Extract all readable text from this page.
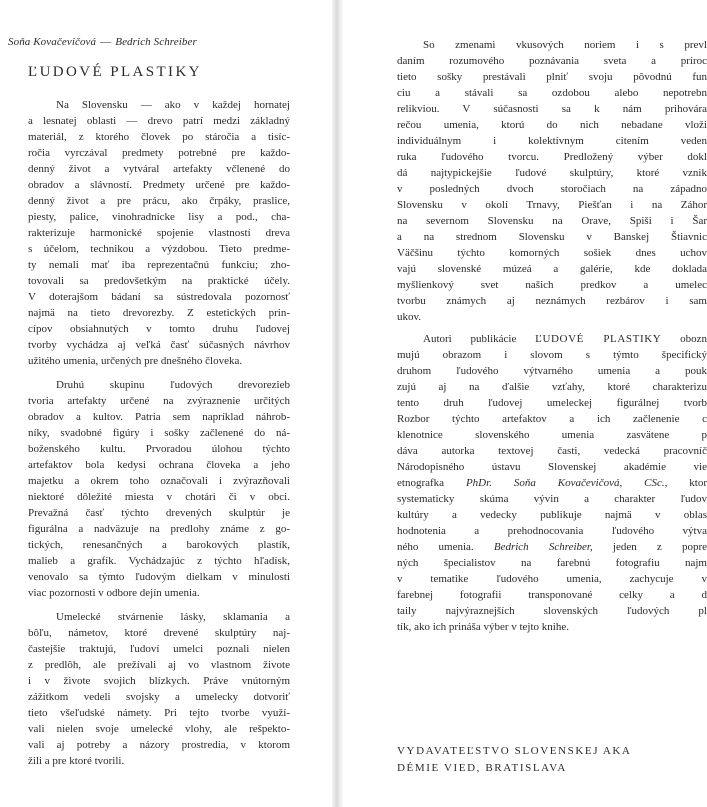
Soňa Kovačevičová — Bedrich Schreiber
ĽUDOVÉ PLASTIKY
Na Slovensku — ako v každej hornatej
a lesnatej oblasti — drevo patrí medzi základný
materiál, z ktorého človek po stáročia a tisíc-
ročia vyrczával predmety potrebné pre každo-
denný život a vytváral artefakty včlenené do
obradov a slávností. Predmety určené pre každo-
denný život a pre prácu, ako črpáky, praslice,
piesty, palice, vinohradnícke lisy a pod., cha-
rakterizuje harmonické spojenie vlastností dreva
s účelom, technikou a výzdobou. Tieto predme-
ty nemali mať iba reprezentačnú funkciu; zho-
tovovali sa predovšetkým na praktické účely.
V doterajšom bádaní sa sústredovala pozornosť
najmä na tieto drevorezby. Z estetických prin-
cípov obsiahnutých v tomto druhu ľudovej
tvorby vychádza aj veľká časť súčasných návrhov
užitého umenia, určených pre dnešného človeka.
Druhú skupinu ľudových drevorezieb
tvoria artefakty určené na zvýraznenie určitých
obradov a kultov. Patria sem napríklad náhrob-
níky, svadobné figúry i sošky začlenené do ná-
boženského kultu. Prvoradou úlohou týchto
artefaktov bola kedysi ochrana človeka a jeho
majetku a okrem toho označovali i zvýrazňovali
niektoré dôležité miesta v chotári či v obci.
Prevažná časť týchto drevených skulptúr je
figurálna a nadväzuje na predlohy známe z go-
tických, renesančných a barokových plastík,
malieb a grafík. Vychádzajúc z týchto hľadísk,
venovalo sa týmto ľudovým dielkam v minulosti
viac pozornosti v odbore dejín umenia.
Umelecké stvárnenie lásky, sklamania a
bôľu, námetov, ktoré drevené skulptúry naj-
častejšie traktujú, ľudoví umelci poznali nielen
z predlôh, ale prežívali aj vo vlastnom živote
i v živote svojich blízkych. Práve vnútorným
zážitkom vedeli svojsky a umelecky dotvoriť
tieto všeľudské námety. Pri tejto tvorbe využí-
vali nielen svoje umelecké vlohy, ale rešpekto-
vali aj potreby a názory prostredia, v ktorom
žili a pre ktoré tvorili.
So zmenami vkusových noriem i s prevl
daním rozumového poznávania sveta a príroc
tieto sošky prestávali plniť svoju pôvodnú fun
ciu a stávali sa ozdobou alebo nepotrebn
relikviou. V súčasnosti sa k nám prihovára
rečou umenia, ktorú do nich nebadane vloži
individuálnym i kolektívnym citením veden
ruka ľudového tvorcu. Predložený výber dokl
dá najtypickejšie ľudové skulptúry, ktoré vznik
v posledných dvoch storočiach na západno
Slovensku v okolí Trnavy, Piešťan i na Záhor
na severnom Slovensku na Orave, Spiši i Šar
a na strednom Slovensku v Banskej Štiavnic
Väčšinu týchto komorných sošiek dnes uchov
vajú slovenské múzeá a galérie, kde doklada
myšlienkový svet našich predkov a umelec
tvorbu známych aj neznámych rezbárov i sam
ukov.
Autori publikácie ĽUDOVÉ PLASTIKY obozn
mujú obrazom i slovom s týmto špecifický
druhom ľudového výtvarného umenia a pouk
zujú aj na ďalšie vzťahy, ktoré charakterizu
tento druh ľudovej umeleckej figurálnej tvorb
Rozbor týchto artefaktov a ich začlenenie c
klenotnice slovenského umenia zasvätene p
dáva autorka textovej časti, vedecká pracovníč
Národopisného ústavu Slovenskej akadémie vie
etnografka PhDr. Soňa Kovačevičová, CSc., ktor
systematicky skúma vývin a charakter ľudov
kultúry a vedecky publikuje najmä v oblas
hodnotenia a prehodnocovania ľudového výtva
ného umenia. Bedrich Schreiber, jeden z popre
ných špecialistov na farebnú fotografiu najm
v tematike ľudového umenia, zachycuje v
farebnej fotografii transponované celky a d
taily najvýraznejších slovenských ľudových pl
tík, ako ich prináša výber v tejto knihe.
VYDAVATEĽSTVO SLOVENSKEJ AKA
DÉMIE VIED, BRATISLAVA
